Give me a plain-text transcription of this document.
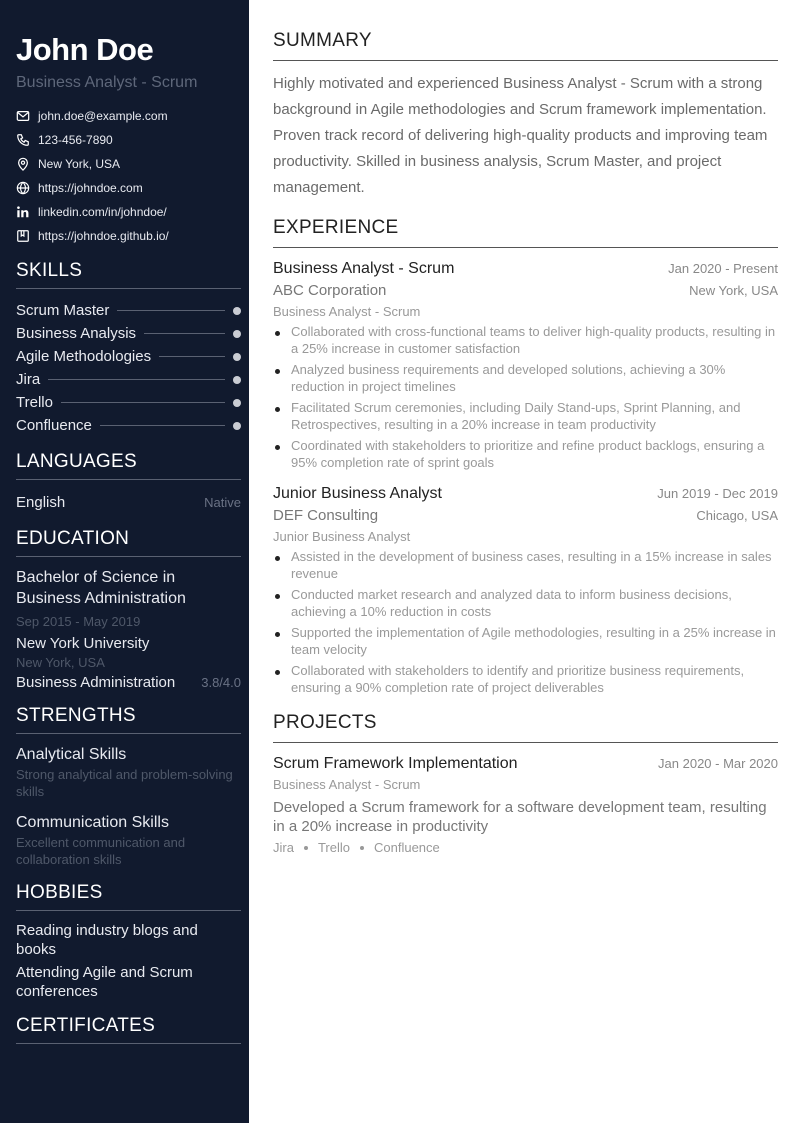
John Doe
Business Analyst - Scrum
john.doe@example.com
123-456-7890
New York, USA
https://johndoe.com
linkedin.com/in/johndoe/
https://johndoe.github.io/
SKILLS
Scrum Master
Business Analysis
Agile Methodologies
Jira
Trello
Confluence
LANGUAGES
English	Native
EDUCATION
Bachelor of Science in Business Administration
Sep 2015 - May 2019
New York University
New York, USA
Business Administration 3.8/4.0
STRENGTHS
Analytical Skills
Strong analytical and problem-solving skills
Communication Skills
Excellent communication and collaboration skills
HOBBIES
Reading industry blogs and books
Attending Agile and Scrum conferences
CERTIFICATES
SUMMARY

Highly motivated and experienced Business Analyst - Scrum with a strong background in Agile methodologies and Scrum framework implementation. Proven track record of delivering high-quality products and improving team productivity. Skilled in business analysis, Scrum Master, and project management.

EXPERIENCE
Business Analyst - Scrum	Jan 2020 - Present
ABC Corporation	New York, USA
Business Analyst - Scrum
Collaborated with cross-functional teams to deliver high-quality products, resulting in a 25% increase in customer satisfaction
Analyzed business requirements and developed solutions, achieving a 30% reduction in project timelines
Facilitated Scrum ceremonies, including Daily Stand-ups, Sprint Planning, and Retrospectives, resulting in a 20% increase in team productivity
Coordinated with stakeholders to prioritize and refine product backlogs, ensuring a 95% completion rate of sprint goals
Junior Business Analyst	Jun 2019 - Dec 2019
DEF Consulting	Chicago, USA
Junior Business Analyst
Assisted in the development of business cases, resulting in a 15% increase in sales revenue
Conducted market research and analyzed data to inform business decisions, achieving a 10% reduction in costs
Supported the implementation of Agile methodologies, resulting in a 25% increase in team velocity
Collaborated with stakeholders to identify and prioritize business requirements, ensuring a 90% completion rate of project deliverables
PROJECTS
Scrum Framework Implementation	Jan 2020 - Mar 2020
Business Analyst - Scrum
Developed a Scrum framework for a software development team, resulting in a 20% increase in productivity
Jira Trello Confluence
